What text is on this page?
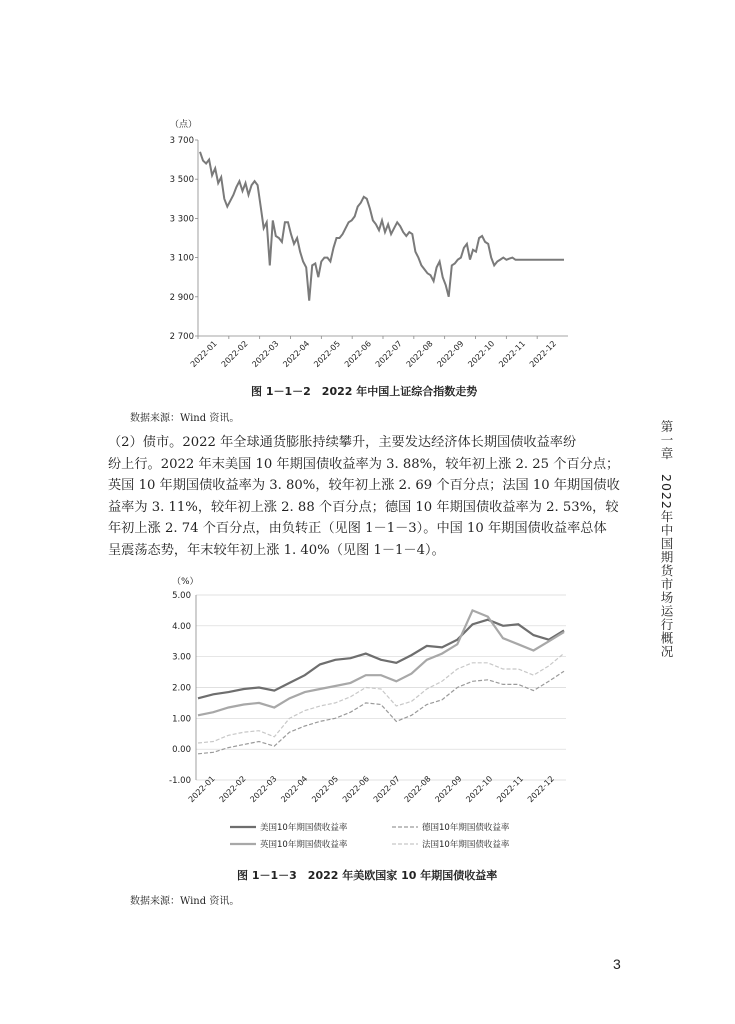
（点）
2 700
2 900
3 100
3 300
3 500
3 700
2022-01 2022-02 2022-03 2022-04 2022-05 2022-06 2022-07 2022-08 2022-09 2022-10 2022-11 2022-12
图 1－1－2　2022 年中国上证综合指数走势
数据来源：Wind 资讯。

（2）债市。2022 年全球通货膨胀持续攀升，主要发达经济体长期国债收益率纷

纷上行。2022 年末美国 10 年期国债收益率为 3. 88%，较年初上涨 2. 25 个百分点；

英国 10 年期国债收益率为 3. 80%，较年初上涨 2. 69 个百分点；法国 10 年期国债收

益率为 3. 11%，较年初上涨 2. 88 个百分点；德国 10 年期国债收益率为 2. 53%，较

年初上涨 2. 74 个百分点，由负转正（见图 1－1－3）。中国 10 年期国债收益率总体

呈震荡态势，年末较年初上涨 1. 40%（见图 1－1－4）。

（%）
-1.00
0.00
1.00
2.00
3.00
4.00
5.00
2022-01 2022-02 2022-03 2022-04 2022-05 2022-06 2022-07 2022-08 2022-09 2022-10 2022-11 2022-12
美国10年期国债收益率
英国10年期国债收益率
德国10年期国债收益率
法国10年期国债收益率
图 1－1－3　2022 年美欧国家 10 年期国债收益率
数据来源：Wind 资讯。
第一章　2022年中国期货市场运行概况
3
